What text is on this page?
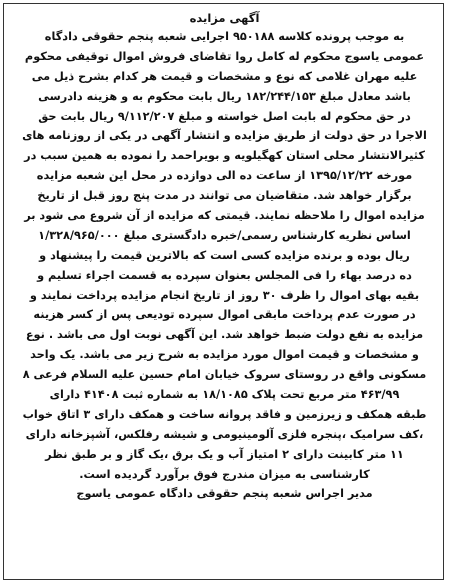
آگهی مزایده
به موجب پرونده کلاسه ۹۵۰۱۸۸ اجرایی شعبه پنجم حقوقی دادگاه
عمومی یاسوج محکوم له کامل روا تقاضای فروش اموال توقیفی محکوم
علیه مهران غلامی که نوع و مشخصات و قیمت هر کدام بشرح ذیل می
باشد معادل مبلغ ۱۸۲/۲۴۴/۱۵۳ ریال بابت محکوم به و هزینه دادرسی
در حق محکوم له بابت اصل خواسته و مبلغ ۹/۱۱۲/۲۰۷ ریال بابت حق
الاجرا در حق دولت از طریق مزایده و انتشار آگهی در یکی از روزنامه های
کثیرالانتشار محلی استان کهگیلویه و بویراحمد را نموده به همین سبب در
مورخه ۱۳۹۵/۱۲/۲۲ از ساعت ده الی دوازده در محل این شعبه مزایده
برگزار خواهد شد. متقاضیان می توانند در مدت پنج روز قبل از تاریخ
مزایده اموال را ملاحظه نمایند. قیمتی که مزایده از آن شروع می شود بر
اساس نظریه کارشناس رسمی/خبره دادگستری مبلغ ۱/۳۲۸/۹۶۵/۰۰۰
ریال بوده و برنده مزایده کسی است که بالاترین قیمت را پیشنهاد و
ده درصد بهاء را فی المجلس بعنوان سپرده به قسمت اجراء تسلیم و
بقیه بهای اموال را ظرف ۳۰ روز از تاریخ انجام مزایده پرداخت نمایند و
در صورت عدم پرداخت مابقی اموال سپرده تودیعی پس از کسر هزینه
مزایده به نفع دولت ضبط خواهد شد. این آگهی نوبت اول می باشد . نوع
و مشخصات و قیمت اموال مورد مزایده به شرح زیر می باشد. یک واحد
مسکونی واقع در روستای سروک خیابان امام حسین علیه السلام فرعی ۸
۴۶۳/۹۹ متر مربع تحت پلاک ۱۸/۱۰۸۵ به شماره ثبت ۴۱۴۰۸ دارای
طبقه همکف و زیرزمین و فاقد پروانه ساخت و همکف دارای ۳ اتاق خواب
،کف سرامیک ،پنجره فلزی آلومینیومی و شیشه رفلکس، آشپزخانه دارای
۱۱ متر کابینت دارای ۲ امتیاز آب و یک برق ،یک گاز و بر طبق نظر
کارشناسی به میزان مندرج فوق برآورد گردیده است.
مدیر اجراس شعبه پنجم حقوقی دادگاه عمومی یاسوج
